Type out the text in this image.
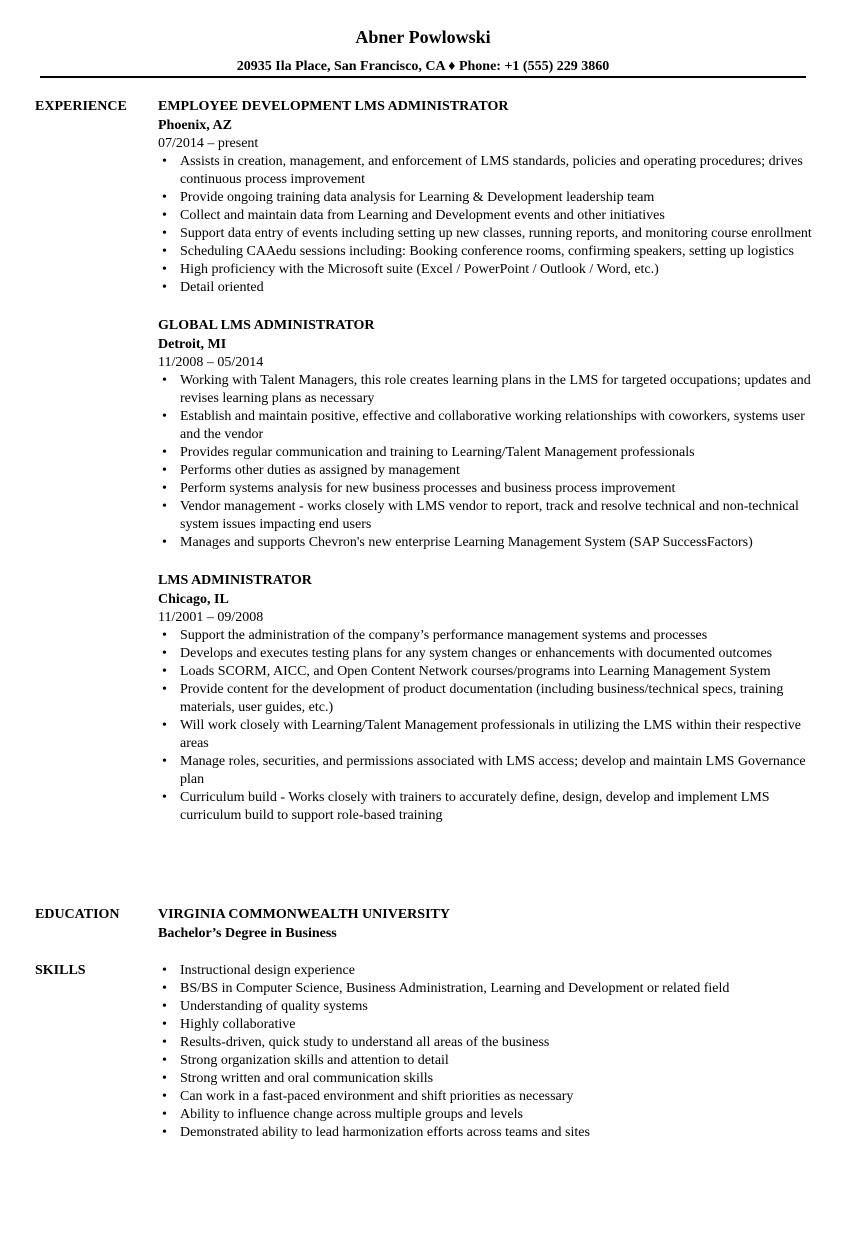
Abner Powlowski
20935 Ila Place, San Francisco, CA ♦ Phone: +1 (555) 229 3860
EXPERIENCE EMPLOYEE DEVELOPMENT LMS ADMINISTRATOR
Phoenix, AZ
07/2014 – present
• Assists in creation, management, and enforcement of LMS standards, policies and operating procedures; drives continuous process improvement
• Provide ongoing training data analysis for Learning & Development leadership team
• Collect and maintain data from Learning and Development events and other initiatives
• Support data entry of events including setting up new classes, running reports, and monitoring course enrollment
• Scheduling CAAedu sessions including: Booking conference rooms, confirming speakers, setting up logistics
• High proficiency with the Microsoft suite (Excel / PowerPoint / Outlook / Word, etc.)
• Detail oriented
GLOBAL LMS ADMINISTRATOR
Detroit, MI
11/2008 – 05/2014
• Working with Talent Managers, this role creates learning plans in the LMS for targeted occupations; updates and revises learning plans as necessary
• Establish and maintain positive, effective and collaborative working relationships with coworkers, systems user and the vendor
• Provides regular communication and training to Learning/Talent Management professionals
• Performs other duties as assigned by management
• Perform systems analysis for new business processes and business process improvement
• Vendor management - works closely with LMS vendor to report, track and resolve technical and non-technical system issues impacting end users
• Manages and supports Chevron's new enterprise Learning Management System (SAP SuccessFactors)
LMS ADMINISTRATOR
Chicago, IL
11/2001 – 09/2008
• Support the administration of the company’s performance management systems and processes
• Develops and executes testing plans for any system changes or enhancements with documented outcomes
• Loads SCORM, AICC, and Open Content Network courses/programs into Learning Management System
• Provide content for the development of product documentation (including business/technical specs, training materials, user guides, etc.)
• Will work closely with Learning/Talent Management professionals in utilizing the LMS within their respective areas
• Manage roles, securities, and permissions associated with LMS access; develop and maintain LMS Governance plan
• Curriculum build - Works closely with trainers to accurately define, design, develop and implement LMS curriculum build to support role-based training
EDUCATION	VIRGINIA COMMONWEALTH UNIVERSITY
Bachelor’s Degree in Business
SKILLS
•	Instructional design experience
• BS/BS in Computer Science, Business Administration, Learning and Development or related field
• Understanding of quality systems
• Highly collaborative
• Results-driven, quick study to understand all areas of the business
• Strong organization skills and attention to detail
• Strong written and oral communication skills
• Can work in a fast-paced environment and shift priorities as necessary
• Ability to influence change across multiple groups and levels
• Demonstrated ability to lead harmonization efforts across teams and sites
